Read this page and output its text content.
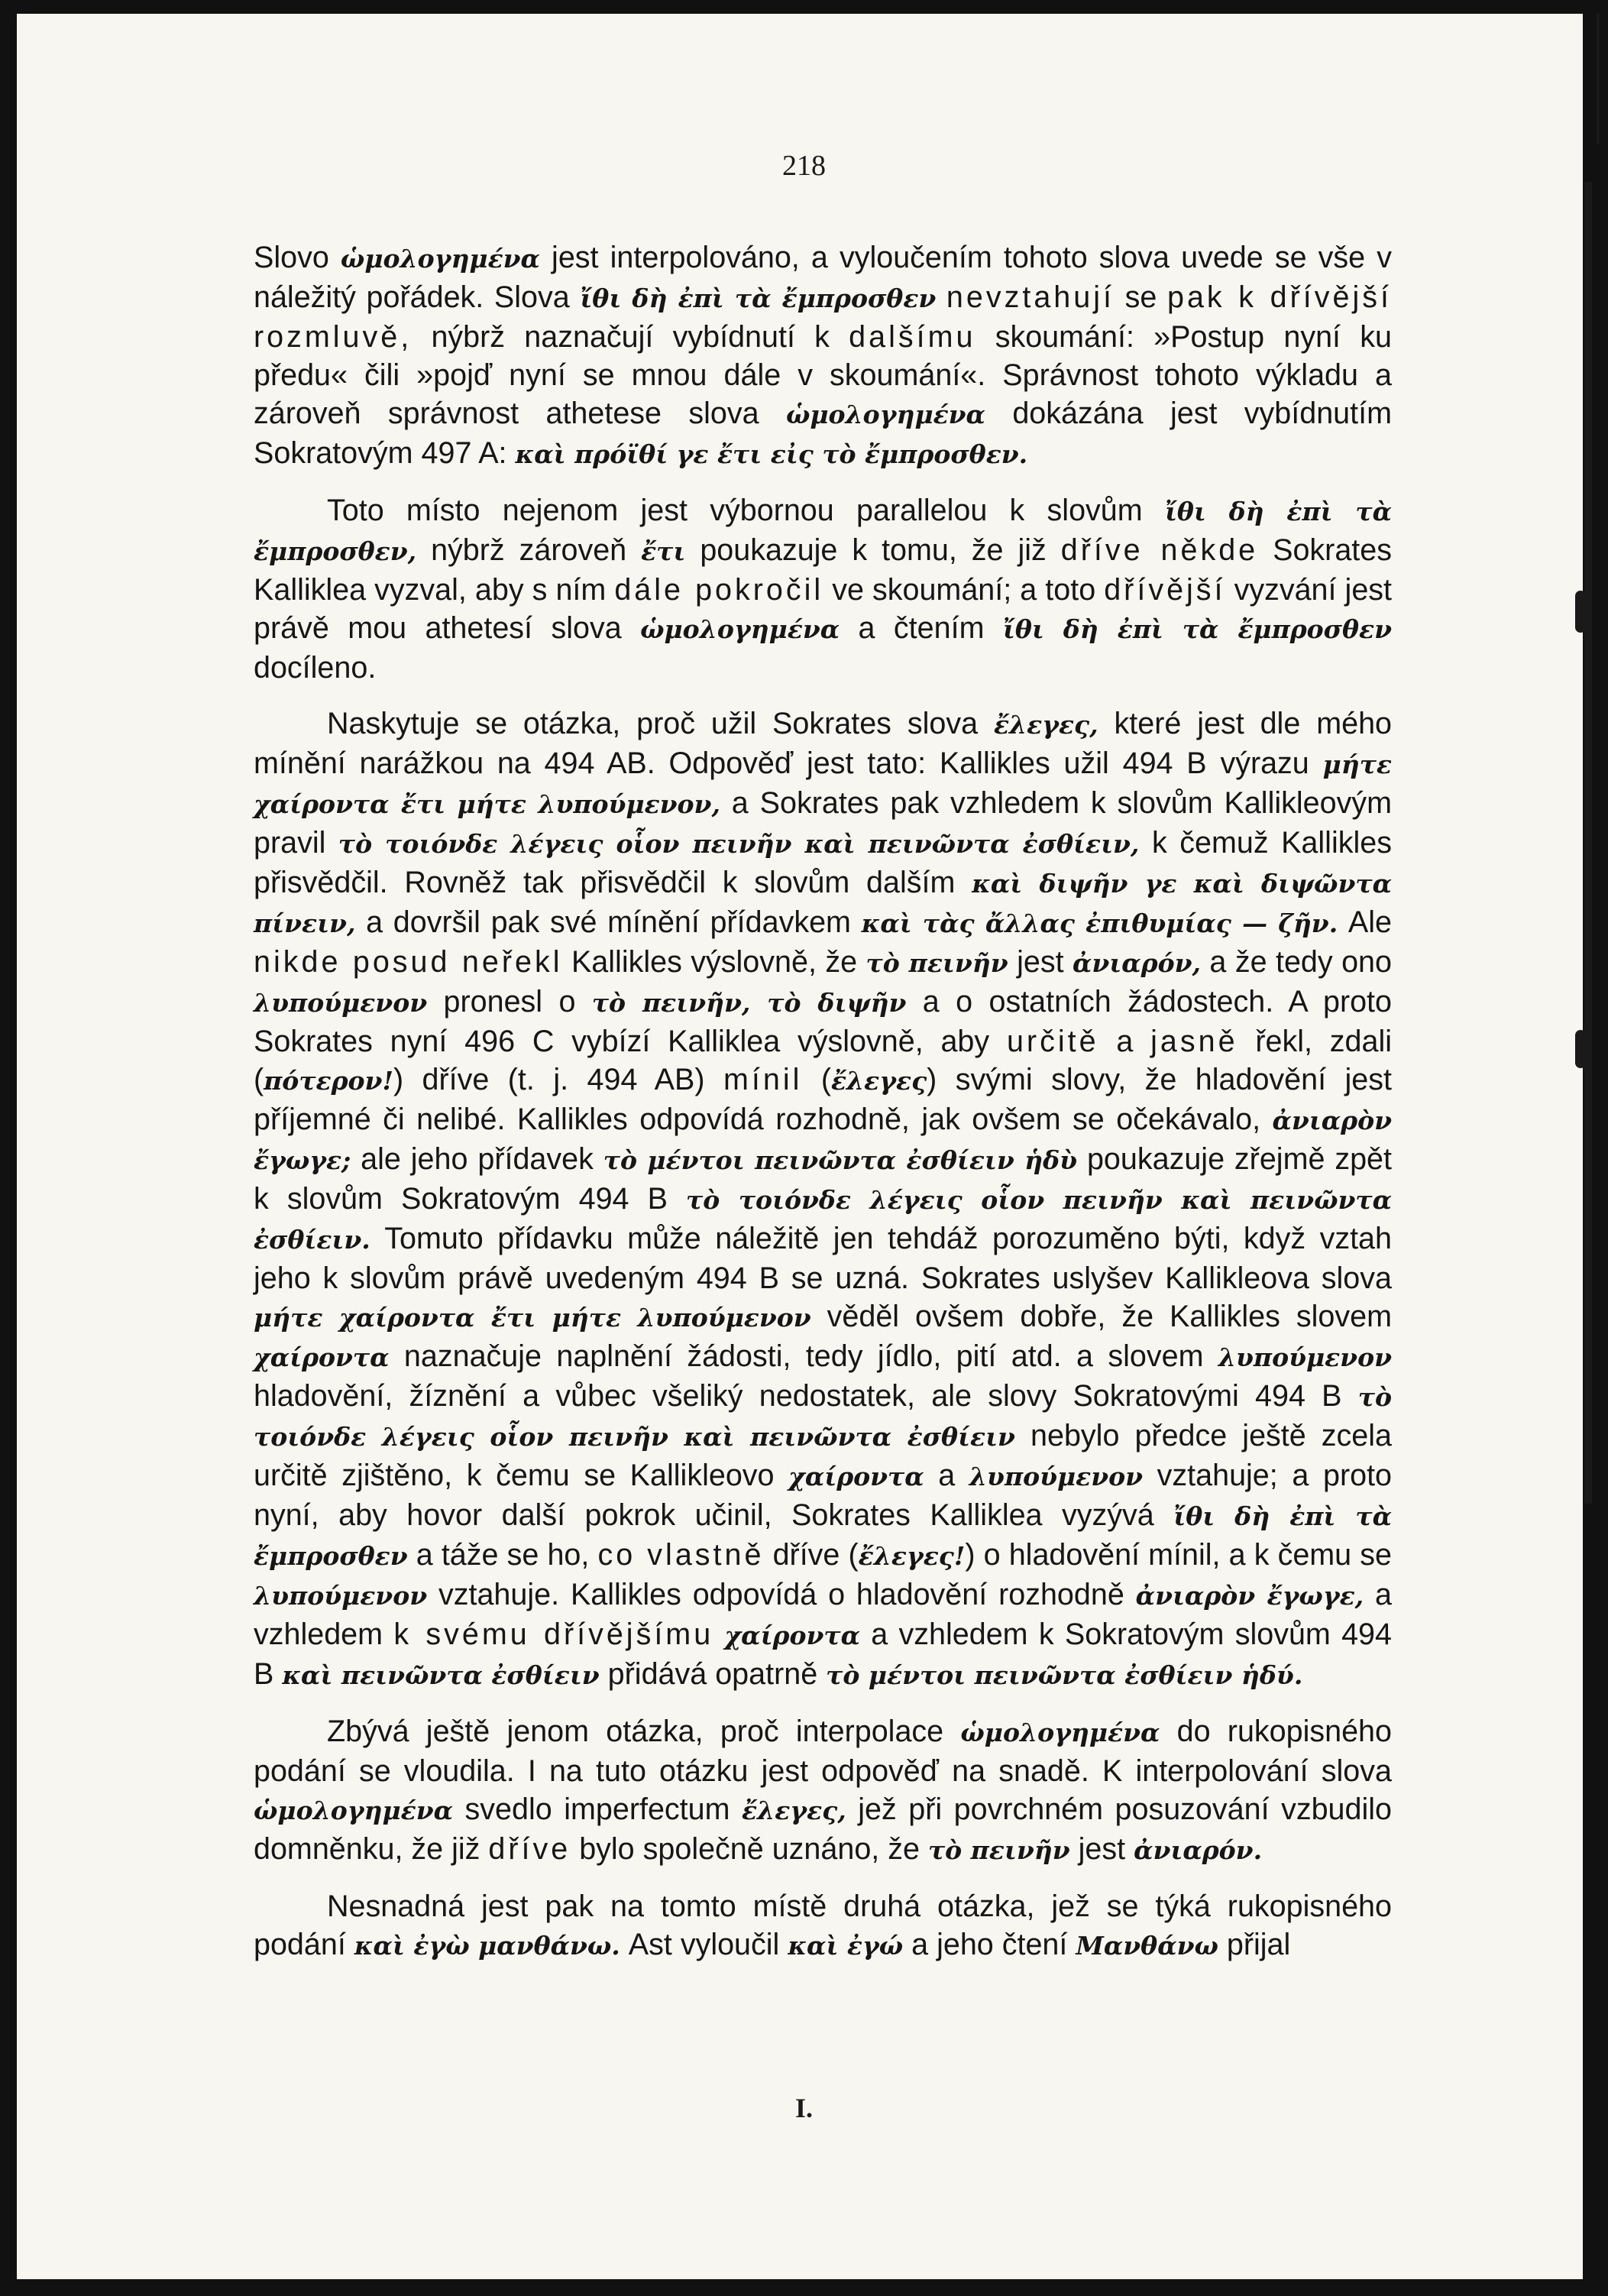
218

Slovo ὡμολογημένα jest interpolováno, a vyloučením tohoto slova uvede se vše v náležitý pořádek. Slova ἴθι δὴ ἐπὶ τὰ ἔμπροσθεν nevztahují se pak k dřívější rozmluvě, nýbrž naznačují vybídnutí k dalšímu skoumání: »Postup nyní ku předu« čili »pojď nyní se mnou dále v skoumání«. Správnost tohoto výkladu a zároveň správnost athetese slova ὡμολογημένα dokázána jest vybídnutím Sokratovým 497 A: καὶ πρόϊθί γε ἔτι εἰς τὸ ἔμπροσθεν.

Toto místo nejenom jest výbornou parallelou k slovům ἴθι δὴ ἐπὶ τὰ ἔμπροσθεν, nýbrž zároveň ἔτι poukazuje k tomu, že již dříve někde Sokrates Kalliklea vyzval, aby s ním dále pokročil ve skoumání; a toto dřívější vyzvání jest právě mou athetesí slova ὡμολογημένα a čtením ἴθι δὴ ἐπὶ τὰ ἔμπροσθεν docíleno.

Naskytuje se otázka, proč užil Sokrates slova ἔλεγες, které jest dle mého mínění narážkou na 494 AB. Odpověď jest tato: Kallikles užil 494 B výrazu μήτε χαίροντα ἔτι μήτε λυπούμενον, a Sokrates pak vzhledem k slovům Kallikleovým pravil τὸ τοιόνδε λέγεις οἷον πεινῆν καὶ πεινῶντα ἐσθίειν, k čemuž Kallikles přisvědčil. Rovněž tak přisvědčil k slovům dalším καὶ διψῆν γε καὶ διψῶντα πίνειν, a dovršil pak své mínění přídavkem καὶ τὰς ἄλλας ἐπιθυμίας — ζῆν. Ale nikde posud neřekl Kallikles výslovně, že τὸ πεινῆν jest ἀνιαρόν, a že tedy ono λυπούμενον pronesl o τὸ πεινῆν, τὸ διψῆν a o ostatních žádostech. A proto Sokrates nyní 496 C vybízí Kalliklea výslovně, aby určitě a jasně řekl, zdali (πότερον!) dříve (t. j. 494 AB) mínil (ἔλεγες) svými slovy, že hladovění jest příjemné či nelibé. Kallikles odpovídá rozhodně, jak ovšem se očekávalo, ἀνιαρὸν ἔγωγε; ale jeho přídavek τὸ μέντοι πεινῶντα ἐσθίειν ἡδὺ poukazuje zřejmě zpět k slovům Sokratovým 494 B τὸ τοιόνδε λέγεις οἷον πεινῆν καὶ πεινῶντα ἐσθίειν. Tomuto přídavku může náležitě jen tehdáž porozuměno býti, když vztah jeho k slovům právě uvedeným 494 B se uzná. Sokrates uslyšev Kallikleova slova μήτε χαίροντα ἔτι μήτε λυπούμενον věděl ovšem dobře, že Kallikles slovem χαίροντα naznačuje naplnění žádosti, tedy jídlo, pití atd. a slovem λυπούμενον hladovění, žíznění a vůbec všeliký nedostatek, ale slovy Sokratovými 494 B τὸ τοιόνδε λέγεις οἷον πεινῆν καὶ πεινῶντα ἐσθίειν nebylo předce ještě zcela určitě zjištěno, k čemu se Kallikleovo χαίροντα a λυπούμενον vztahuje; a proto nyní, aby hovor další pokrok učinil, Sokrates Kalliklea vyzývá ἴθι δὴ ἐπὶ τὰ ἔμπροσθεν a táže se ho, co vlastně dříve (ἔλεγες!) o hladovění mínil, a k čemu se λυπούμενον vztahuje. Kallikles odpovídá o hladovění rozhodně ἀνιαρὸν ἔγωγε, a vzhledem k svému dřívějšímu χαίροντα a vzhledem k Sokratovým slovům 494 B καὶ πεινῶντα ἐσθίειν přidává opatrně τὸ μέντοι πεινῶντα ἐσθίειν ἡδύ.

Zbývá ještě jenom otázka, proč interpolace ὡμολογημένα do rukopisného podání se vloudila. I na tuto otázku jest odpověď na snadě. K interpolování slova ὡμολογημένα svedlo imperfectum ἔλεγες, jež při povrchném posuzování vzbudilo domněnku, že již dříve bylo společně uznáno, že τὸ πεινῆν jest ἀνιαρόν.

Nesnadná jest pak na tomto místě druhá otázka, jež se týká rukopisného podání καὶ ἐγὼ μανθάνω. Ast vyloučil καὶ ἐγώ a jeho čtení Μανθάνω přijal

I.
